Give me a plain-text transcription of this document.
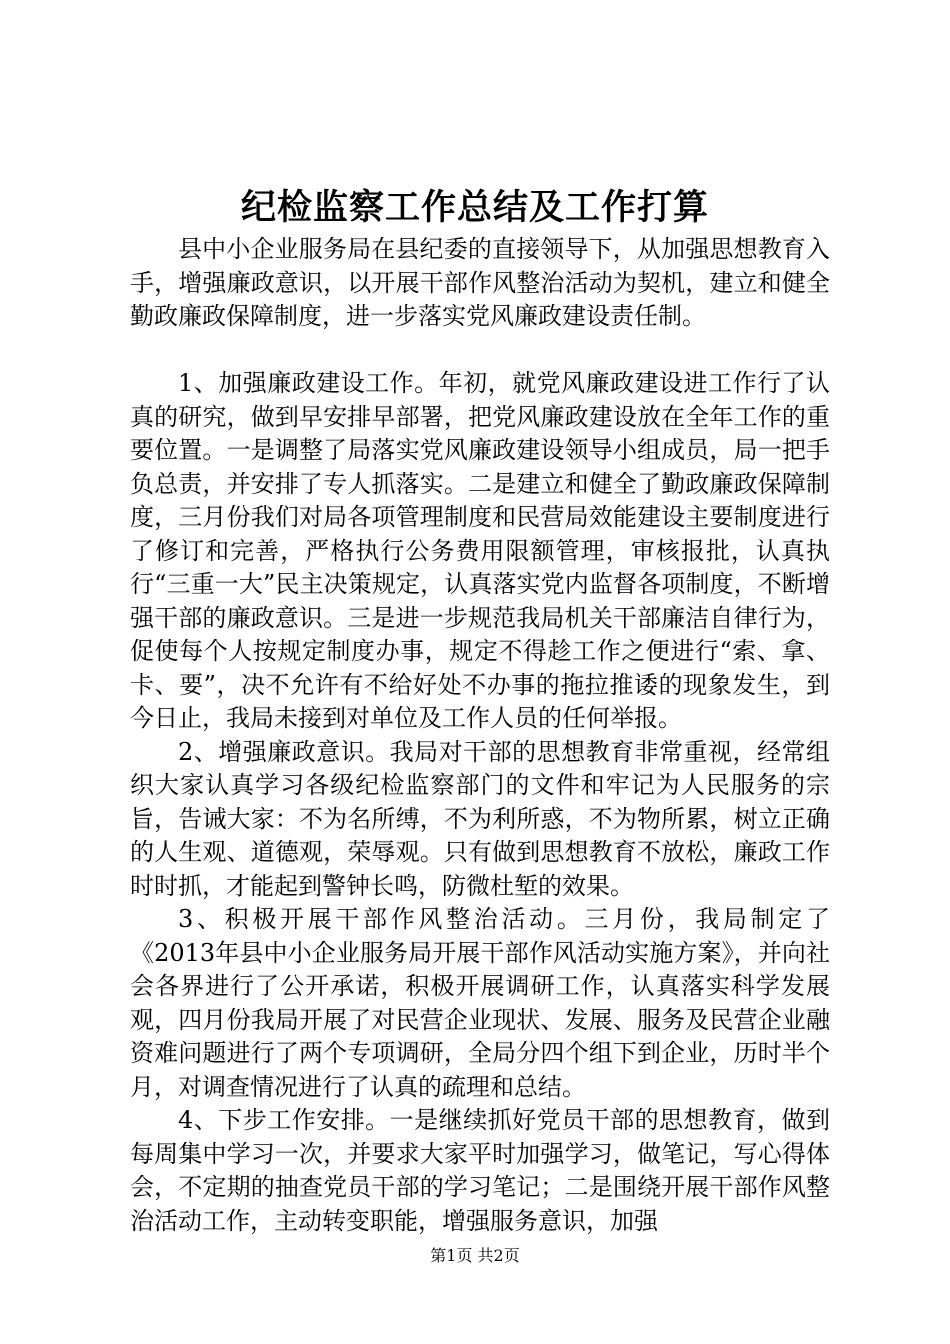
纪检监察工作总结及工作打算

县中小企业服务局在县纪委的直接领导下，从加强思想教育入手，增强廉政意识，以开展干部作风整治活动为契机，建立和健全勤政廉政保障制度，进一步落实党风廉政建设责任制。

1、加强廉政建设工作。年初，就党风廉政建设进工作行了认真的研究，做到早安排早部署，把党风廉政建设放在全年工作的重要位置。一是调整了局落实党风廉政建设领导小组成员，局一把手负总责，并安排了专人抓落实。二是建立和健全了勤政廉政保障制度，三月份我们对局各项管理制度和民营局效能建设主要制度进行了修订和完善，严格执行公务费用限额管理，审核报批，认真执行“三重一大”民主决策规定，认真落实党内监督各项制度，不断增强干部的廉政意识。三是进一步规范我局机关干部廉洁自律行为，促使每个人按规定制度办事，规定不得趁工作之便进行“索、拿、卡、要”，决不允许有不给好处不办事的拖拉推诿的现象发生，到今日止，我局未接到对单位及工作人员的任何举报。

2、增强廉政意识。我局对干部的思想教育非常重视，经常组织大家认真学习各级纪检监察部门的文件和牢记为人民服务的宗旨，告诫大家：不为名所缚，不为利所惑，不为物所累，树立正确的人生观、道德观，荣辱观。只有做到思想教育不放松，廉政工作时时抓，才能起到警钟长鸣，防微杜堑的效果。

3、积极开展干部作风整治活动。三月份，我局制定了《2013年县中小企业服务局开展干部作风活动实施方案》，并向社会各界进行了公开承诺，积极开展调研工作，认真落实科学发展观，四月份我局开展了对民营企业现状、发展、服务及民营企业融资难问题进行了两个专项调研，全局分四个组下到企业，历时半个月，对调查情况进行了认真的疏理和总结。

4、下步工作安排。一是继续抓好党员干部的思想教育，做到每周集中学习一次，并要求大家平时加强学习，做笔记，写心得体会，不定期的抽查党员干部的学习笔记；二是围绕开展干部作风整治活动工作，主动转变职能，增强服务意识，加强

第1页 共2页
